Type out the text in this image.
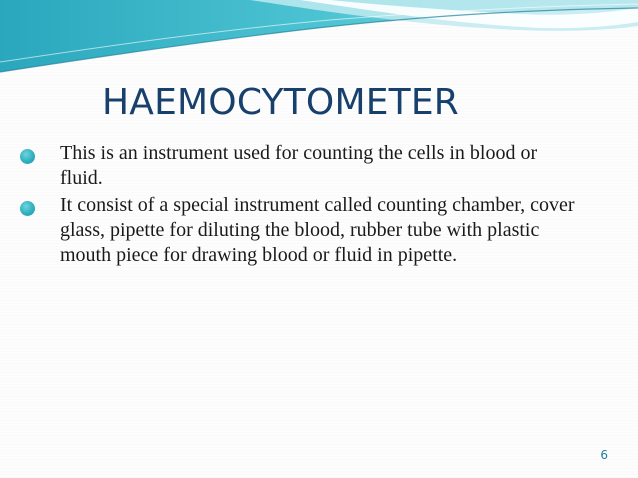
HAEMOCYTOMETER
This is an instrument used for counting the cells in blood or fluid.
It consist of a special instrument called counting chamber, cover glass, pipette for diluting the blood, rubber tube with plastic mouth piece for drawing blood or fluid in pipette.
6
